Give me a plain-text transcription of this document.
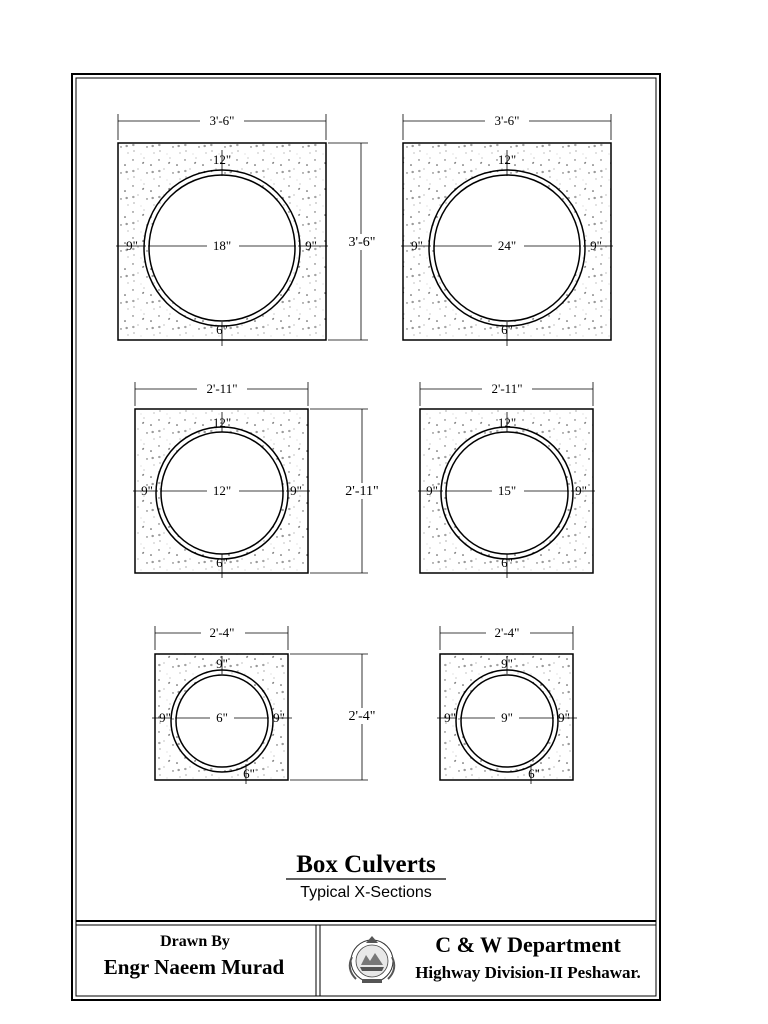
3'-6"
12"
9"	9"
18"
6"
3'-6"
3'-6"
12"
9"	9"
24"
6"
2'-11"
12"
9"	9"
12"
6"
2'-11"
2'-11"
12"
9"	9"
15"
6"
2'-4"
9"
9"	9"
6"
6"
2'-4"
2'-4"
9"
9"	9"
9"
6"
Box Culverts
Typical X-Sections
Drawn By
Engr Naeem Murad
C & W Department
Highway Division-II Peshawar.
